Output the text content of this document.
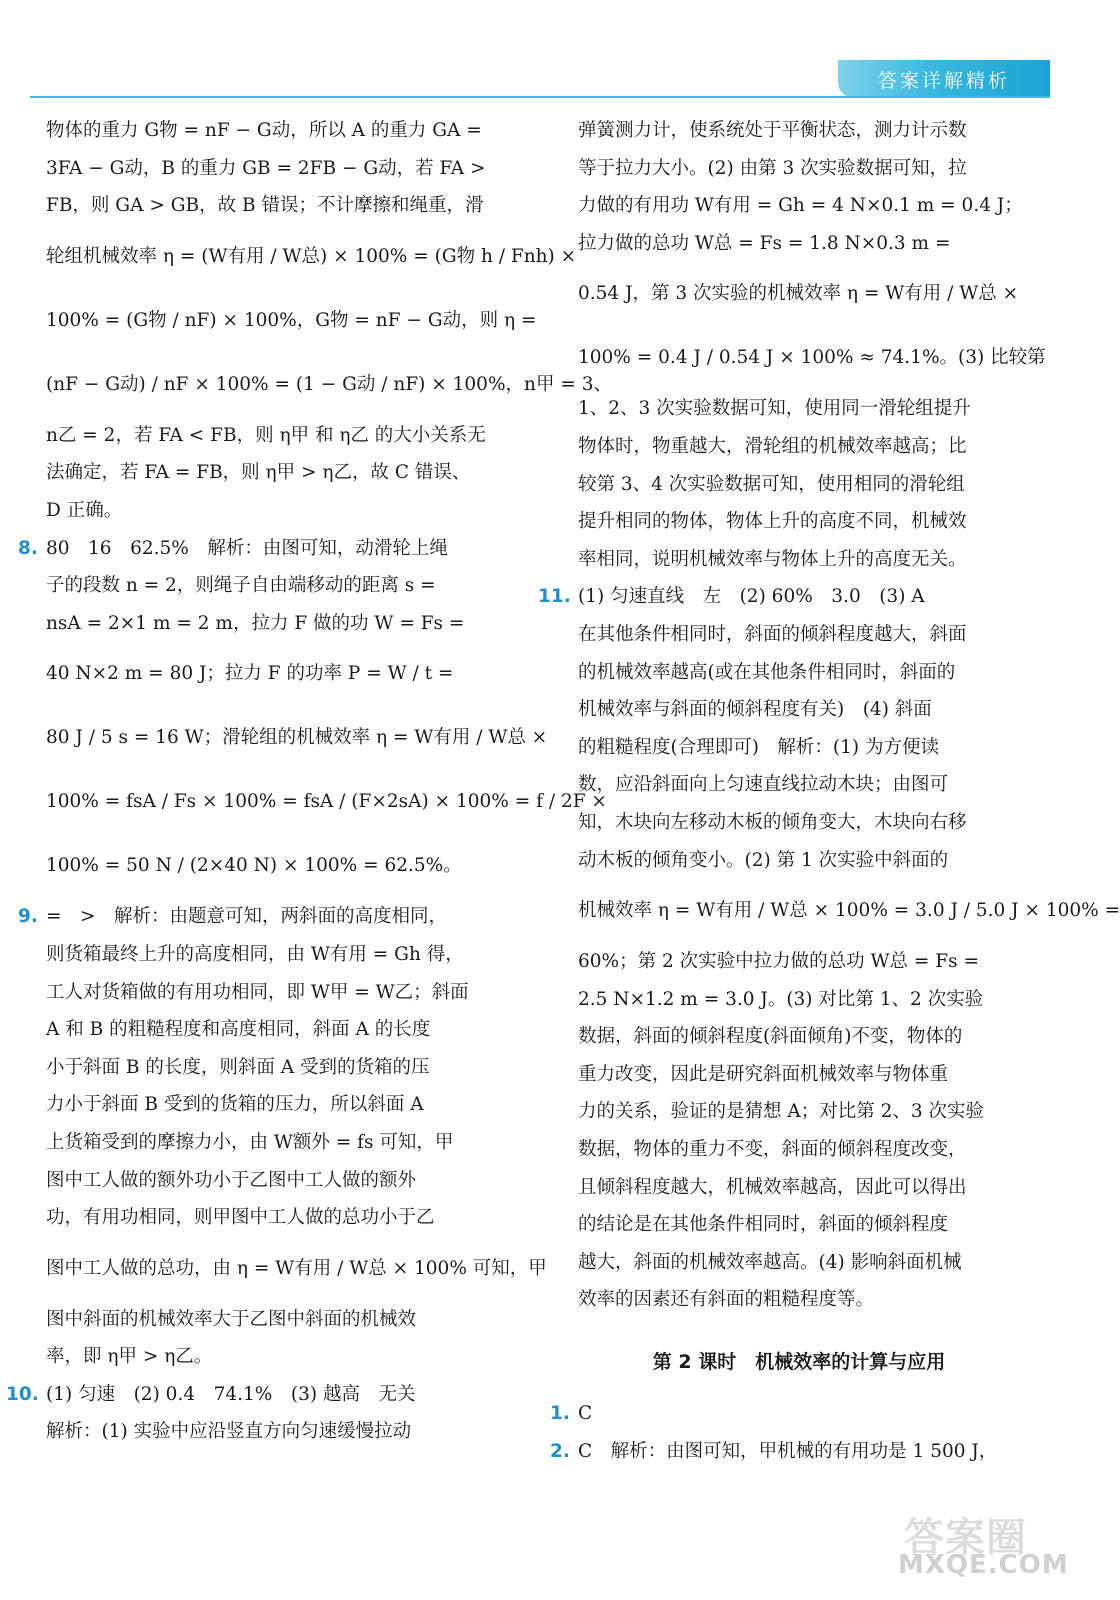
答案详解精析

物体的重力 G物 = nF − G动，所以 A 的重力 GA =

3FA − G动，B 的重力 GB = 2FB − G动，若 FA >

FB，则 GA > GB，故 B 错误；不计摩擦和绳重，滑

轮组机械效率 η = (W有用 / W总) × 100% = (G物 h / Fnh) ×

100% = (G物 / nF) × 100%，G物 = nF − G动，则 η =

(nF − G动) / nF × 100% = (1 − G动 / nF) × 100%，n甲 = 3、

n乙 = 2，若 FA < FB，则 η甲 和 η乙 的大小关系无

法确定，若 FA = FB，则 η甲 > η乙，故 C 错误、

D 正确。

8. 80　16　62.5%　解析：由图可知，动滑轮上绳

子的段数 n = 2，则绳子自由端移动的距离 s =

nsA = 2×1 m = 2 m，拉力 F 做的功 W = Fs =

40 N×2 m = 80 J；拉力 F 的功率 P = W / t =

80 J / 5 s = 16 W；滑轮组的机械效率 η = W有用 / W总 ×

100% = fsA / Fs × 100% = fsA / (F×2sA) × 100% = f / 2F ×

100% = 50 N / (2×40 N) × 100% = 62.5%。

9. =　>　解析：由题意可知，两斜面的高度相同，

则货箱最终上升的高度相同，由 W有用 = Gh 得，

工人对货箱做的有用功相同，即 W甲 = W乙；斜面

A 和 B 的粗糙程度和高度相同，斜面 A 的长度

小于斜面 B 的长度，则斜面 A 受到的货箱的压

力小于斜面 B 受到的货箱的压力，所以斜面 A

上货箱受到的摩擦力小，由 W额外 = fs 可知，甲

图中工人做的额外功小于乙图中工人做的额外

功，有用功相同，则甲图中工人做的总功小于乙

图中工人做的总功，由 η = W有用 / W总 × 100% 可知，甲

图中斜面的机械效率大于乙图中斜面的机械效

率，即 η甲 > η乙。

10. (1) 匀速　(2) 0.4　74.1%　(3) 越高　无关

解析：(1) 实验中应沿竖直方向匀速缓慢拉动

弹簧测力计，使系统处于平衡状态，测力计示数

等于拉力大小。(2) 由第 3 次实验数据可知，拉

力做的有用功 W有用 = Gh = 4 N×0.1 m = 0.4 J；

拉力做的总功 W总 = Fs = 1.8 N×0.3 m =

0.54 J，第 3 次实验的机械效率 η = W有用 / W总 ×

100% = 0.4 J / 0.54 J × 100% ≈ 74.1%。(3) 比较第

1、2、3 次实验数据可知，使用同一滑轮组提升

物体时，物重越大，滑轮组的机械效率越高；比

较第 3、4 次实验数据可知，使用相同的滑轮组

提升相同的物体，物体上升的高度不同，机械效

率相同，说明机械效率与物体上升的高度无关。

11. (1) 匀速直线　左　(2) 60%　3.0　(3) A

在其他条件相同时，斜面的倾斜程度越大，斜面

的机械效率越高(或在其他条件相同时，斜面的

机械效率与斜面的倾斜程度有关)　(4) 斜面

的粗糙程度(合理即可)　解析：(1) 为方便读

数，应沿斜面向上匀速直线拉动木块；由图可

知，木块向左移动木板的倾角变大，木块向右移

动木板的倾角变小。(2) 第 1 次实验中斜面的

机械效率 η = W有用 / W总 × 100% = 3.0 J / 5.0 J × 100% =

60%；第 2 次实验中拉力做的总功 W总 = Fs =

2.5 N×1.2 m = 3.0 J。(3) 对比第 1、2 次实验

数据，斜面的倾斜程度(斜面倾角)不变，物体的

重力改变，因此是研究斜面机械效率与物体重

力的关系，验证的是猜想 A；对比第 2、3 次实验

数据，物体的重力不变，斜面的倾斜程度改变，

且倾斜程度越大，机械效率越高，因此可以得出

的结论是在其他条件相同时，斜面的倾斜程度

越大，斜面的机械效率越高。(4) 影响斜面机械

效率的因素还有斜面的粗糙程度等。

第 2 课时　机械效率的计算与应用

1. C

2. C　解析：由图可知，甲机械的有用功是 1 500 J，

答案圈
MXQE.COM
